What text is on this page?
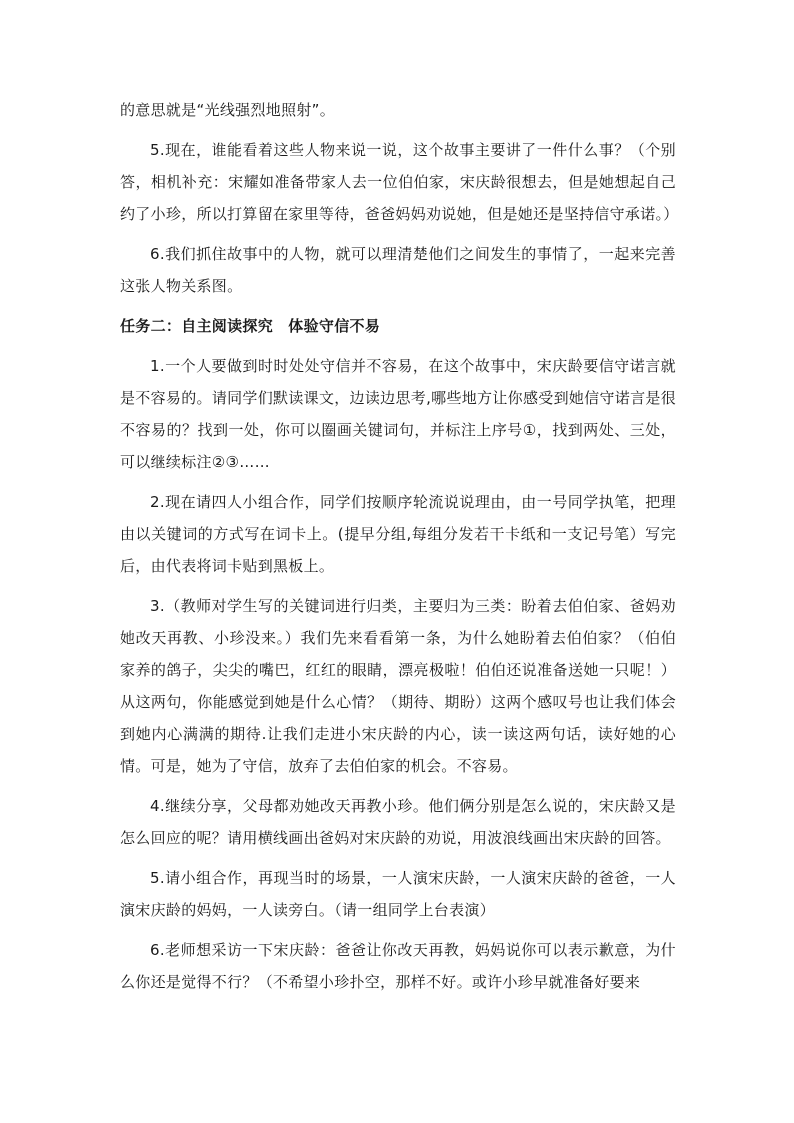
的意思就是“光线强烈地照射”。

5.现在，谁能看着这些人物来说一说，这个故事主要讲了一件什么事？（个别答，相机补充：宋耀如准备带家人去一位伯伯家，宋庆龄很想去，但是她想起自己约了小珍，所以打算留在家里等待，爸爸妈妈劝说她，但是她还是坚持信守承诺。）

6.我们抓住故事中的人物，就可以理清楚他们之间发生的事情了，一起来完善这张人物关系图。

任务二：自主阅读探究　体验守信不易

1.一个人要做到时时处处守信并不容易，在这个故事中，宋庆龄要信守诺言就是不容易的。请同学们默读课文，边读边思考,哪些地方让你感受到她信守诺言是很不容易的？找到一处，你可以圈画关键词句，并标注上序号①，找到两处、三处，可以继续标注②③……

2.现在请四人小组合作，同学们按顺序轮流说说理由，由一号同学执笔，把理由以关键词的方式写在词卡上。(提早分组,每组分发若干卡纸和一支记号笔）写完后，由代表将词卡贴到黑板上。

3.（教师对学生写的关键词进行归类，主要归为三类：盼着去伯伯家、爸妈劝她改天再教、小珍没来。）我们先来看看第一条，为什么她盼着去伯伯家？（伯伯家养的鸽子，尖尖的嘴巴，红红的眼睛，漂亮极啦！伯伯还说准备送她一只呢！）从这两句，你能感觉到她是什么心情？（期待、期盼）这两个感叹号也让我们体会到她内心满满的期待.让我们走进小宋庆龄的内心，读一读这两句话，读好她的心情。可是，她为了守信，放弃了去伯伯家的机会。不容易。

4.继续分享，父母都劝她改天再教小珍。他们俩分别是怎么说的，宋庆龄又是怎么回应的呢？请用横线画出爸妈对宋庆龄的劝说，用波浪线画出宋庆龄的回答。

5.请小组合作，再现当时的场景，一人演宋庆龄，一人演宋庆龄的爸爸，一人演宋庆龄的妈妈，一人读旁白。（请一组同学上台表演）

6.老师想采访一下宋庆龄：爸爸让你改天再教，妈妈说你可以表示歉意，为什么你还是觉得不行？（不希望小珍扑空，那样不好。或许小珍早就准备好要来
